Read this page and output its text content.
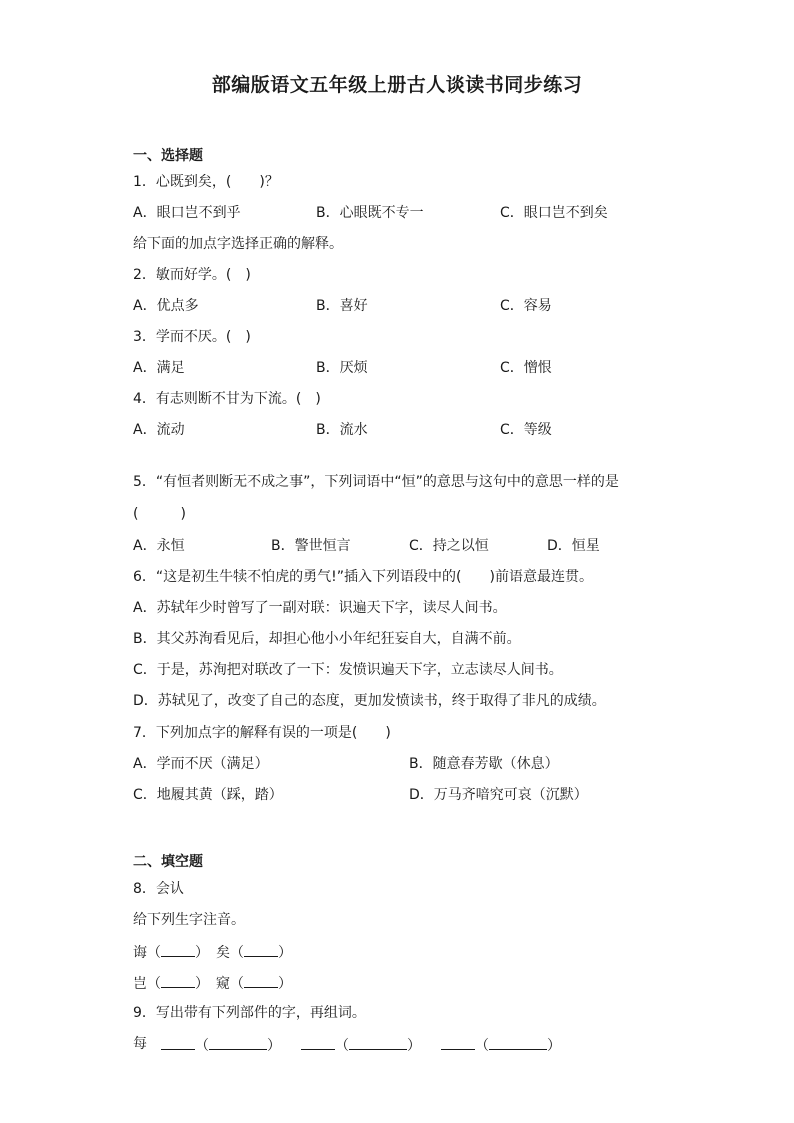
部编版语文五年级上册古人谈读书同步练习
一、选择题
1．心既到矣，(　　)？
A．眼口岂不到乎	B．心眼既不专一	C．眼口岂不到矣
给下面的加点字选择正确的解释。
2．敏而好学。(　)
A．优点多	B．喜好	C．容易
3．学而不厌。(　)
A．满足	B．厌烦	C．憎恨
4．有志则断不甘为下流。(　)
A．流动	B．流水	C．等级
5．“有恒者则断无不成之事”，下列词语中“恒”的意思与这句中的意思一样的是
(　　　)
A．永恒	B．警世恒言	C．持之以恒	D．恒星
6．“这是初生牛犊不怕虎的勇气!”插入下列语段中的(　　)前语意最连贯。
A．苏轼年少时曾写了一副对联：识遍天下字，读尽人间书。
B．其父苏洵看见后，却担心他小小年纪狂妄自大，自满不前。
C．于是，苏洵把对联改了一下：发愤识遍天下字，立志读尽人间书。
D．苏轼见了，改变了自己的态度，更加发愤读书，终于取得了非凡的成绩。
7．下列加点字的解释有误的一项是(　　)
A．学而不厌（满足）	B．随意春芳歇（休息）
C．地履其黄（踩，踏）	D．万马齐喑究可哀（沉默）
二、填空题
8．会认
给下列生字注音。
诲（ ） 矣（ ）
岂（ ） 窥（ ）
9．写出带有下列部件的字，再组词。
每	（	）	（	）	（	）
